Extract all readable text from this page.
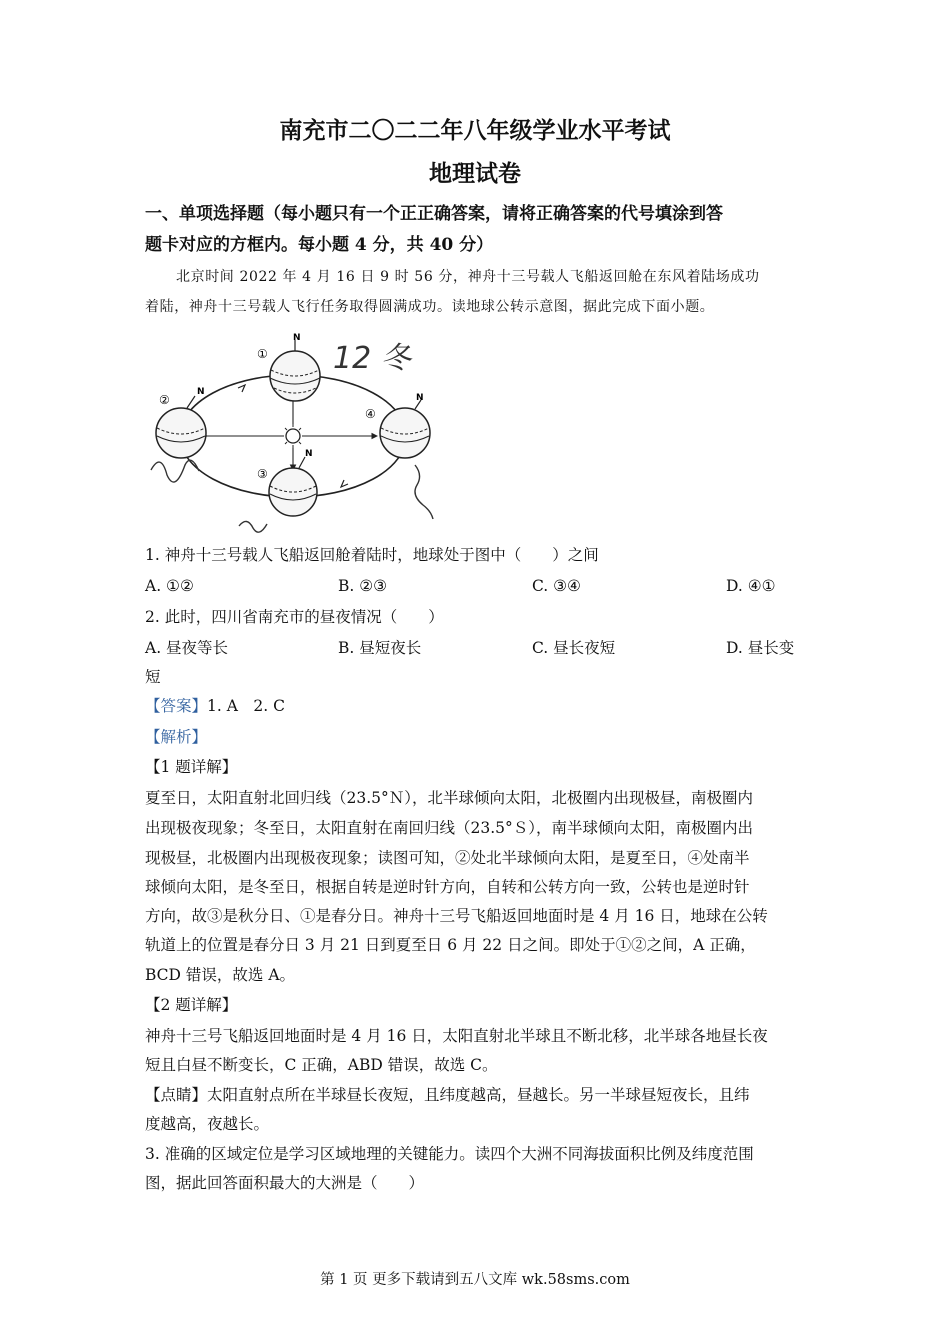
南充市二〇二二年八年级学业水平考试
地理试卷
一、单项选择题（每小题只有一个正正确答案，请将正确答案的代号填涂到答
题卡对应的方框内。每小题 4 分，共 40 分）
北京时间 2022 年 4 月 16 日 9 时 56 分，神舟十三号载人飞船返回舱在东风着陆场成功
着陆，神舟十三号载人飞行任务取得圆满成功。读地球公转示意图，据此完成下面小题。
①
②
③
④
N
N
N
N
12 冬
1. 神舟十三号载人飞船返回舱着陆时，地球处于图中（　　）之间
A. ①②	B. ②③	C. ③④	D. ④①
2. 此时，四川省南充市的昼夜情况（　　）
A. 昼夜等长	B. 昼短夜长	C. 昼长夜短	D. 昼长变
短
【答案】1. A　2. C
【解析】
【1 题详解】
夏至日，太阳直射北回归线（23.5°Ｎ），北半球倾向太阳，北极圈内出现极昼，南极圈内
出现极夜现象；冬至日，太阳直射在南回归线（23.5°Ｓ），南半球倾向太阳，南极圈内出
现极昼，北极圈内出现极夜现象；读图可知，②处北半球倾向太阳，是夏至日，④处南半
球倾向太阳，是冬至日，根据自转是逆时针方向，自转和公转方向一致，公转也是逆时针
方向，故③是秋分日、①是春分日。神舟十三号飞船返回地面时是 4 月 16 日，地球在公转
轨道上的位置是春分日 3 月 21 日到夏至日 6 月 22 日之间。即处于①②之间，A 正确，
BCD 错误，故选 A。
【2 题详解】
神舟十三号飞船返回地面时是 4 月 16 日，太阳直射北半球且不断北移，北半球各地昼长夜
短且白昼不断变长，C 正确，ABD 错误，故选 C。
【点睛】太阳直射点所在半球昼长夜短，且纬度越高，昼越长。另一半球昼短夜长，且纬
度越高，夜越长。
3. 准确的区域定位是学习区域地理的关键能力。读四个大洲不同海拔面积比例及纬度范围
图，据此回答面积最大的大洲是（　　）
第 1 页 更多下载请到五八文库 wk.58sms.com
